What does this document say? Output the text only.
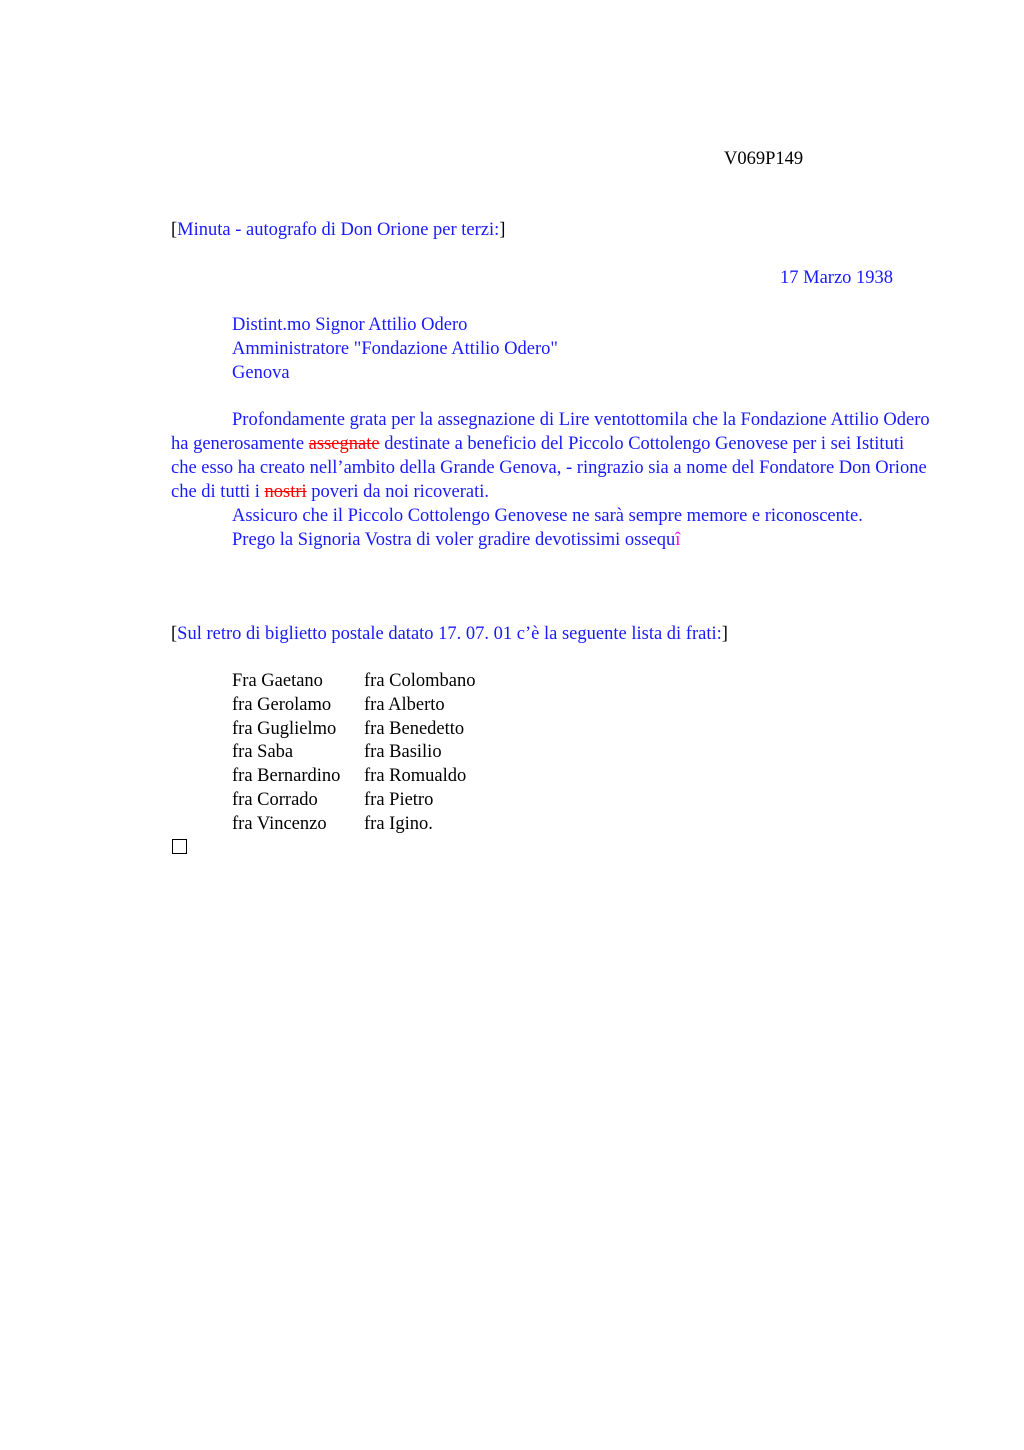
V069P149
[Minuta - autografo di Don Orione per terzi:]
17 Marzo 1938
Distint.mo Signor Attilio Odero
Amministratore "Fondazione Attilio Odero"
Genova

Profondamente grata per la assegnazione di Lire ventottomila che la Fondazione Attilio Odero ha generosamente assegnate destinate a beneficio del Piccolo Cottolengo Genovese per i sei Istituti che esso ha creato nell’ambito della Grande Genova, - ringrazio sia a nome del Fondatore Don Orione che di tutti i nostri poveri da noi ricoverati.

Assicuro che il Piccolo Cottolengo Genovese ne sarà sempre memore e riconoscente.

Prego la Signoria Vostra di voler gradire devotissimi ossequî

[Sul retro di biglietto postale datato 17. 07. 01 c’è la seguente lista di frati:]
Fra Gaetano	fra Colombano
fra Gerolamo	fra Alberto
fra Guglielmo	fra Benedetto
fra Saba	fra Basilio
fra Bernardino	fra Romualdo
fra Corrado	fra Pietro
fra Vincenzo	fra Igino.
